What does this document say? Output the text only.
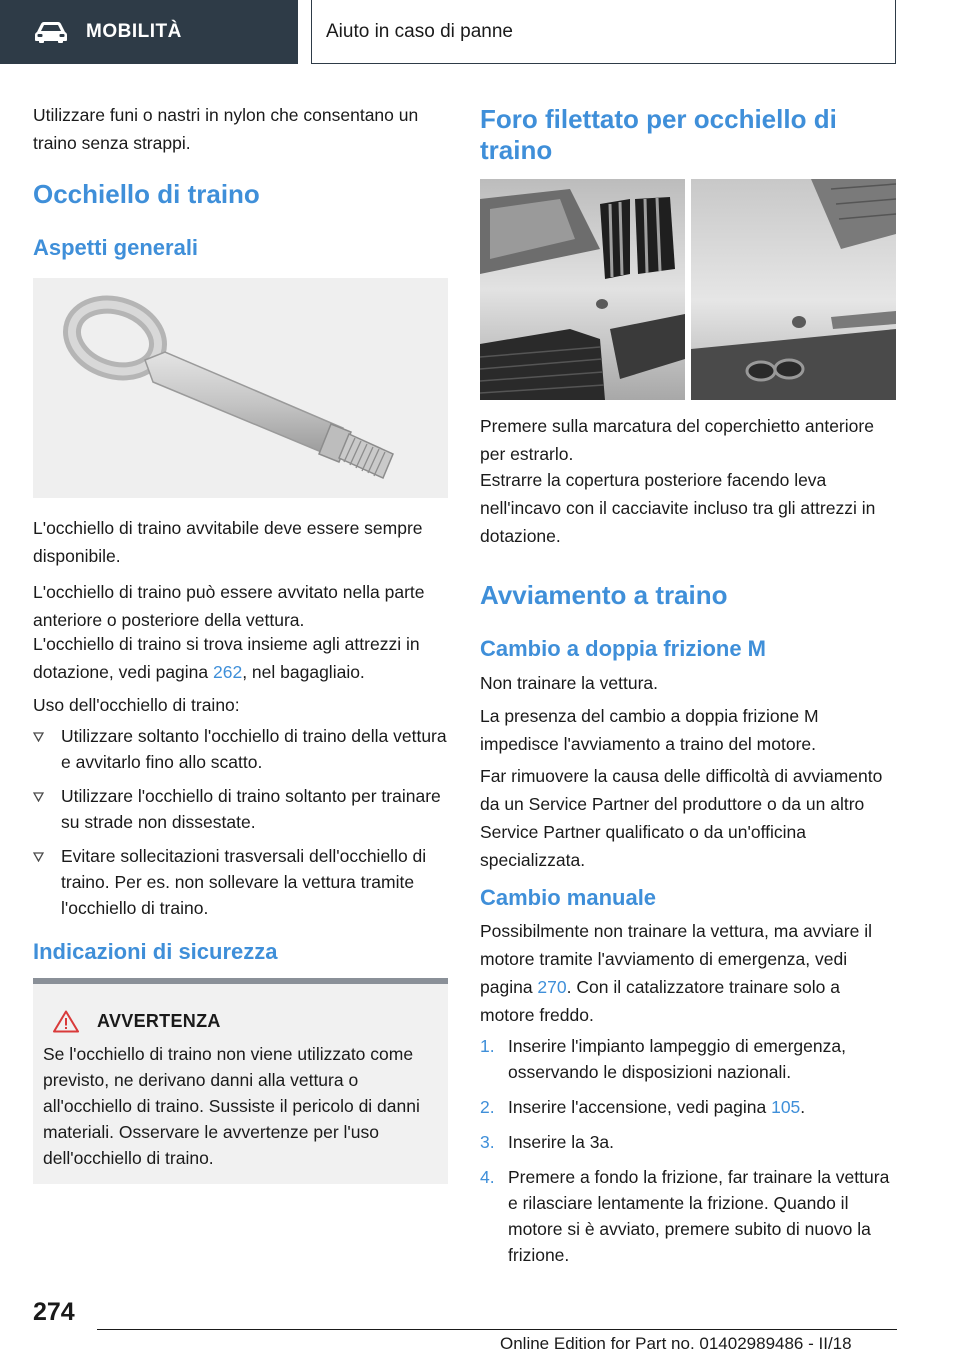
MOBILITÀ	Aiuto in caso di panne

Utilizzare funi o nastri in nylon che consentano un traino senza strappi.

Occhiello di traino
Aspetti generali

L'occhiello di traino avvitabile deve essere sempre disponibile.

L'occhiello di traino può essere avvitato nella parte anteriore o posteriore della vettura.

L'occhiello di traino si trova insieme agli attrezzi in dotazione, vedi pagina 262, nel bagagliaio.

Uso dell'occhiello di traino:

Utilizzare soltanto l'occhiello di traino della vettura e avvitarlo fino allo scatto.
Utilizzare l'occhiello di traino soltanto per trainare su strade non dissestate.
Evitare sollecitazioni trasversali dell'occhiello di traino. Per es. non sollevare la vettura tramite l'occhiello di traino.
Indicazioni di sicurezza
AVVERTENZA

Se l'occhiello di traino non viene utilizzato come previsto, ne derivano danni alla vettura o all'occhiello di traino. Sussiste il pericolo di danni materiali. Osservare le avvertenze per l'uso dell'occhiello di traino.

Foro filettato per occhiello di traino

Premere sulla marcatura del coperchietto anteriore per estrarlo.

Estrarre la copertura posteriore facendo leva nell'incavo con il cacciavite incluso tra gli attrezzi in dotazione.

Avviamento a traino
Cambio a doppia frizione M

Non trainare la vettura.

La presenza del cambio a doppia frizione M impedisce l'avviamento a traino del motore.

Far rimuovere la causa delle difficoltà di avviamento da un Service Partner del produttore o da un altro Service Partner qualificato o da un'officina specializzata.

Cambio manuale

Possibilmente non trainare la vettura, ma avviare il motore tramite l'avviamento di emergenza, vedi pagina 270. Con il catalizzatore trainare solo a motore freddo.

1. Inserire l'impianto lampeggio di emergenza, osservando le disposizioni nazionali.
2. Inserire l'accensione, vedi pagina 105.
3. Inserire la 3a.
4. Premere a fondo la frizione, far trainare la vettura e rilasciare lentamente la frizione. Quando il motore si è avviato, premere subito di nuovo la frizione.
274
Online Edition for Part no. 01402989486 - II/18
